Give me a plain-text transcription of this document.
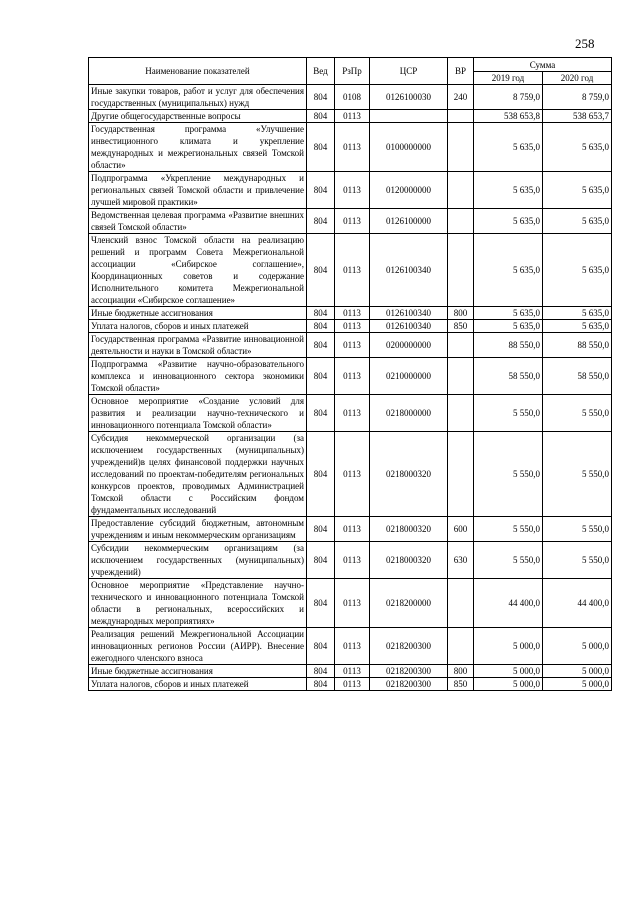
258
Наименование показателей	Вед	РзПр	ЦСР	ВР	Сумма	
					2019 год	2020 год
Иные закупки товаров, работ и услуг для обеспечения государственных (муниципальных) нужд	804	0108	0126100030	240	8 759,0	8 759,0
Другие общегосударственные вопросы	804	0113			538 653,8	538 653,7
Государственная программа «Улучшение инвестиционного климата и укрепление международных и межрегиональных связей Томской области»	804	0113	0100000000		5 635,0	5 635,0
Подпрограмма «Укрепление международных и региональных связей Томской области и привлечение лучшей мировой практики»	804	0113	0120000000		5 635,0	5 635,0
Ведомственная целевая программа «Развитие внешних связей Томской области»	804	0113	0126100000		5 635,0	5 635,0
Членский взнос Томской области на реализацию решений и программ Совета Межрегиональной ассоциации «Сибирское соглашение», Координационных советов и содержание Исполнительного комитета Межрегиональной ассоциации «Сибирское соглашение»	804	0113	0126100340		5 635,0	5 635,0
Иные бюджетные ассигнования	804	0113	0126100340	800	5 635,0	5 635,0
Уплата налогов, сборов и иных платежей	804	0113	0126100340	850	5 635,0	5 635,0
Государственная программа «Развитие инновационной деятельности и науки в Томской области»	804	0113	0200000000		88 550,0	88 550,0
Подпрограмма «Развитие научно-образовательного комплекса и инновационного сектора экономики Томской области»	804	0113	0210000000		58 550,0	58 550,0
Основное мероприятие «Создание условий для развития и реализации научно-технического и инновационного потенциала Томской области»	804	0113	0218000000		5 550,0	5 550,0
Субсидия некоммерческой организации (за исключением государственных (муниципальных) учреждений)в целях финансовой поддержки научных исследований по проектам-победителям региональных конкурсов проектов, проводимых Администрацией Томской области с Российским фондом фундаментальных исследований	804	0113	0218000320		5 550,0	5 550,0
Предоставление субсидий бюджетным, автономным учреждениям и иным некоммерческим организациям	804	0113	0218000320	600	5 550,0	5 550,0
Субсидии некоммерческим организациям (за исключением государственных (муниципальных) учреждений)	804	0113	0218000320	630	5 550,0	5 550,0
Основное мероприятие «Представление научно-технического и инновационного потенциала Томской области в региональных, всероссийских и международных мероприятиях»	804	0113	0218200000		44 400,0	44 400,0
Реализация решений Межрегиональной Ассоциации инновационных регионов России (АИРР). Внесение ежегодного членского взноса	804	0113	0218200300		5 000,0	5 000,0
Иные бюджетные ассигнования	804	0113	0218200300	800	5 000,0	5 000,0
Уплата налогов, сборов и иных платежей	804	0113	0218200300	850	5 000,0	5 000,0
